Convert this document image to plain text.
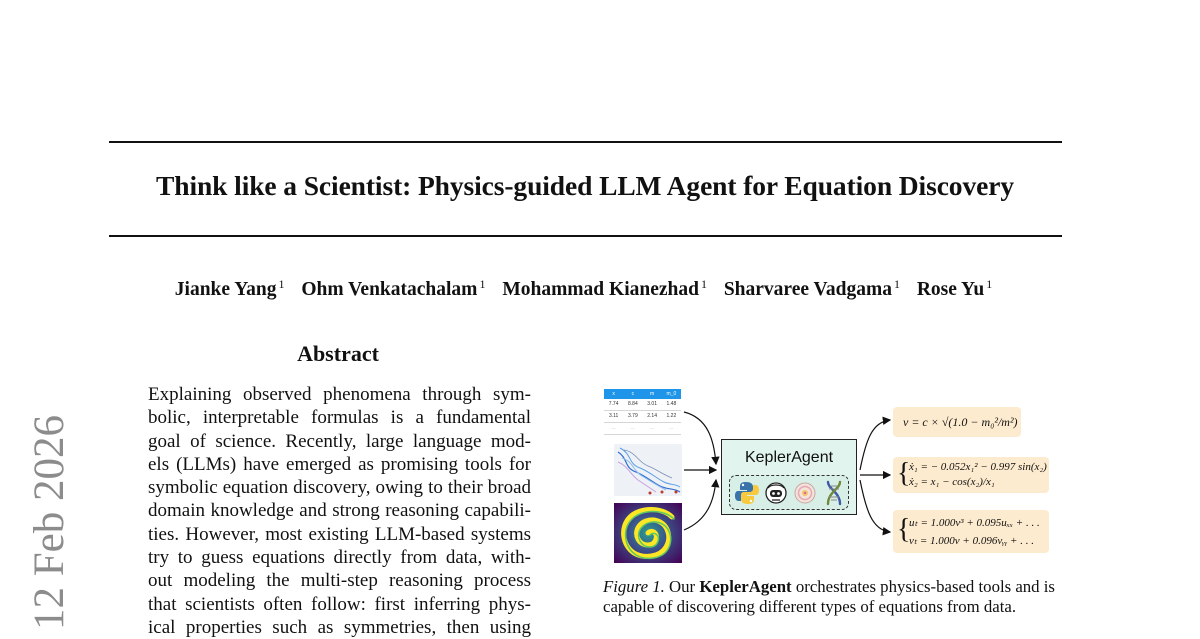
Think like a Scientist: Physics-guided LLM Agent for Equation Discovery
Jianke Yang $^1$ Ohm Venkatachalam $^1$ Mohammad Kianezhad $^1$ Sharvaree Vadgama $^1$ Rose Yu $^1$
12 Feb 2026
Abstract
Explaining observed phenomena through sym-
bolic, interpretable formulas is a fundamental
goal of science. Recently, large language mod-
els (LLMs) have emerged as promising tools for
symbolic equation discovery, owing to their broad
domain knowledge and strong reasoning capabili-
ties. However, most existing LLM-based systems
try to guess equations directly from data, with-
out modeling the multi-step reasoning process
that scientists often follow: first inferring phys-
ical properties such as symmetries, then using
x	c	m	m_0
7.74	8.84	3.01	1.48
3.11	3.79	2.14	1.22
...	...	...	...
KeplerAgent
v = c × √(1.0 − m₀²/m²)
{
ẋ₁ = − 0.052x₁² − 0.997 sin(x₂)
ẋ₂ = x₁ − cos(x₂)/x₁
{
uₜ = 1.000v³ + 0.095uₓₓ + . . .
vₜ = 1.000v + 0.096vᵧᵧ + . . .
Figure 1. Our KeplerAgent orchestrates physics-based tools and is capable of discovering different types of equations from data.
